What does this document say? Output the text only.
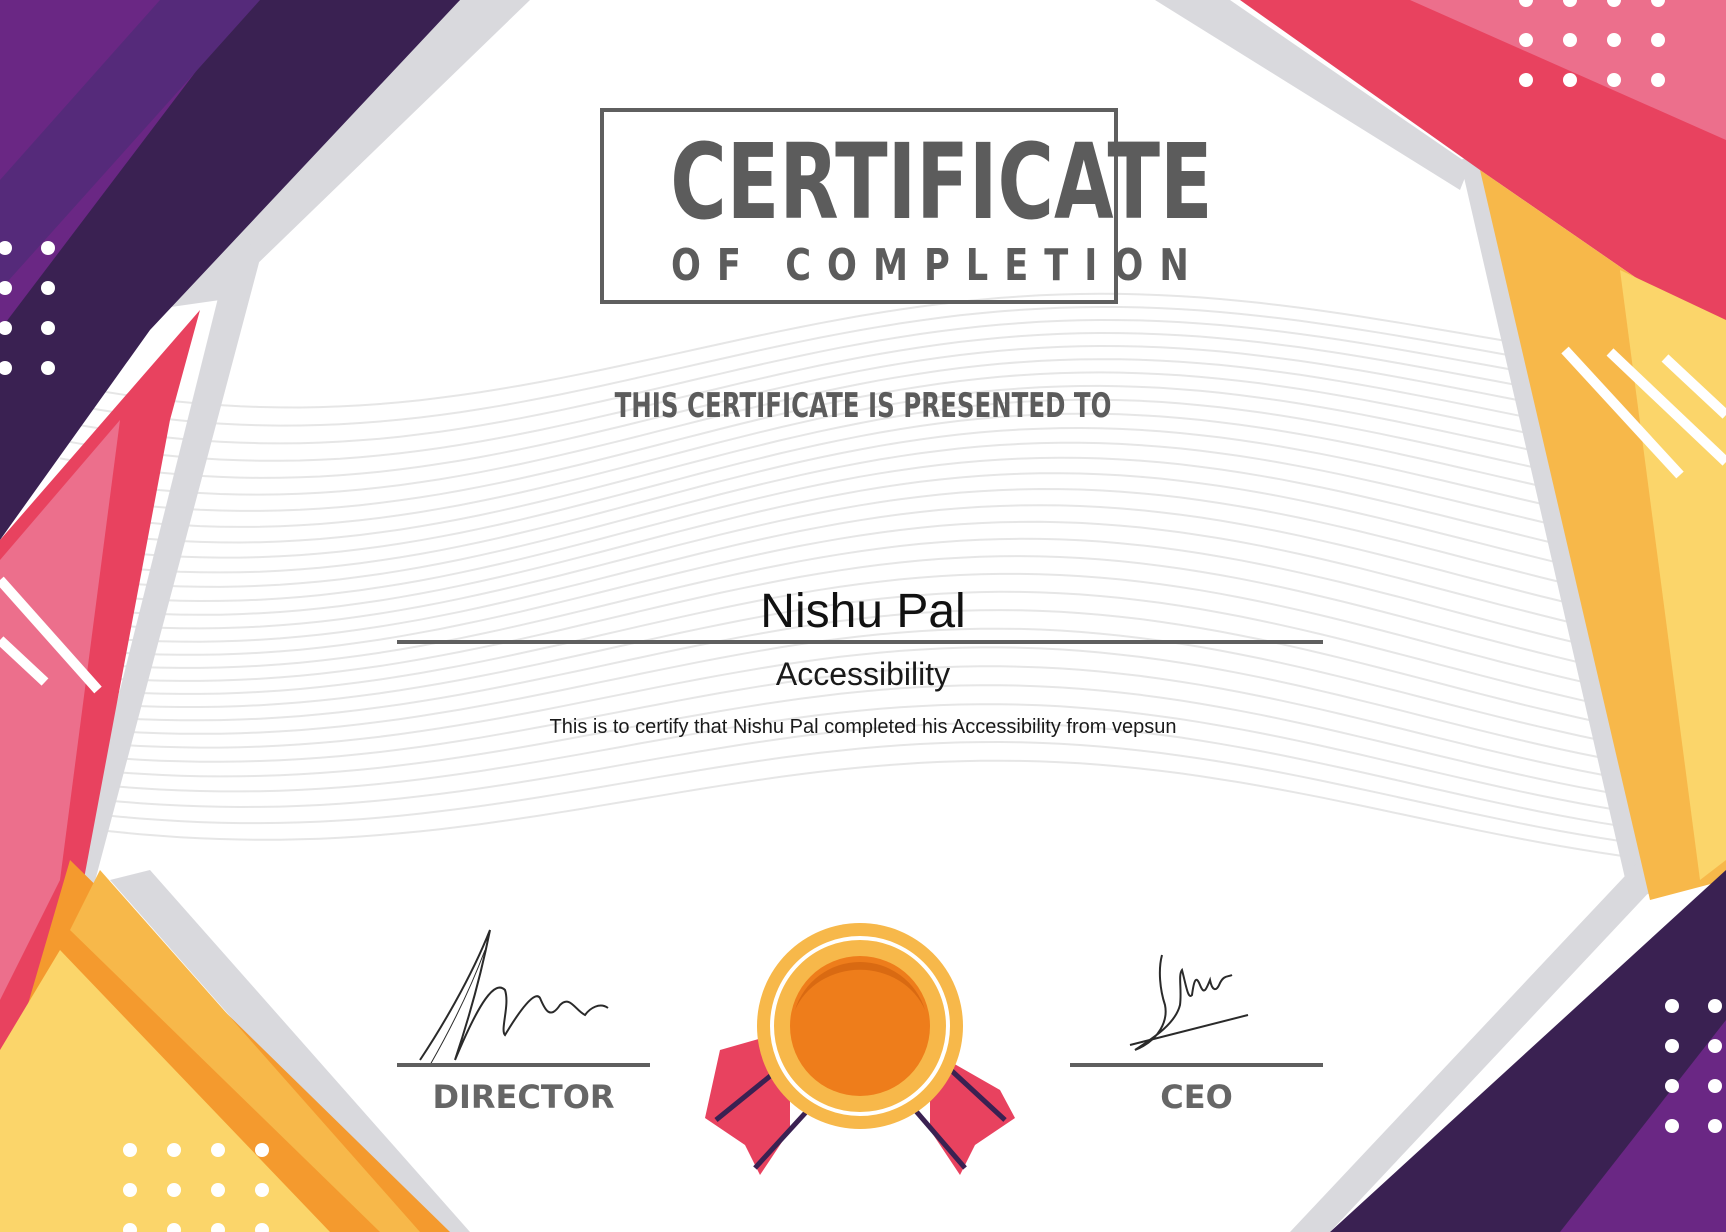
CERTIFICATE
OF COMPLETION
THIS CERTIFICATE IS PRESENTED TO
Nishu Pal
Accessibility
This is to certify that Nishu Pal completed his Accessibility from vepsun
DIRECTOR	CEO
